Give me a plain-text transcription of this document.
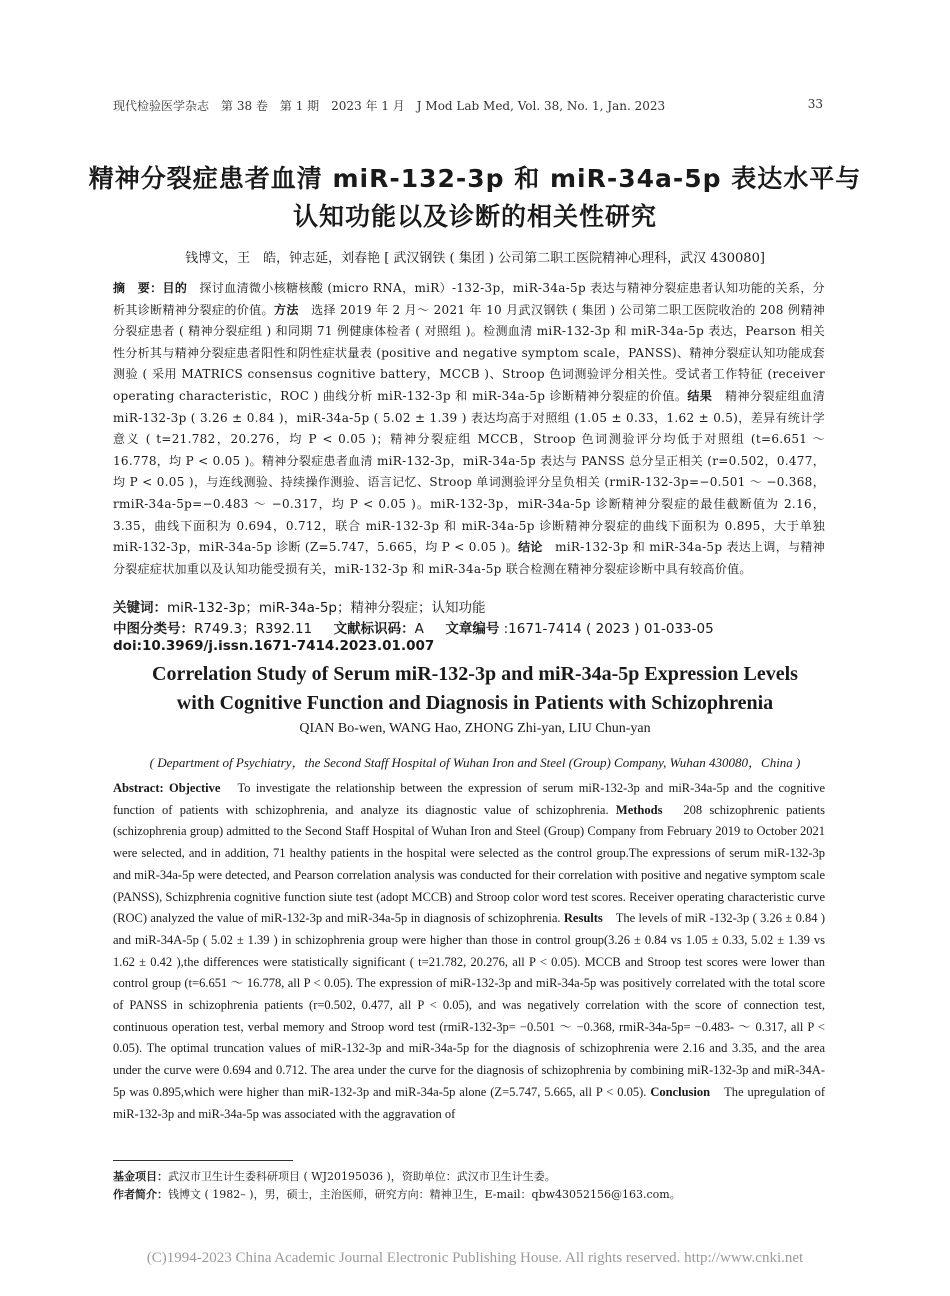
现代检验医学杂志　第 38 卷　第 1 期　2023 年 1 月　J Mod Lab Med, Vol. 38, No. 1, Jan. 2023	33
精神分裂症患者血清 miR-132-3p 和 miR-34a-5p 表达水平与
认知功能以及诊断的相关性研究
钱博文，王　皓，钟志延，刘春艳 [ 武汉钢铁 ( 集团 ) 公司第二职工医院精神心理科，武汉 430080]
摘　要：目的　探讨血清微小核糖核酸 (micro RNA，miR）-132-3p，miR-34a-5p 表达与精神分裂症患者认知功能的关系，分析其诊断精神分裂症的价值。方法　选择 2019 年 2 月～ 2021 年 10 月武汉钢铁 ( 集团 ) 公司第二职工医院收治的 208 例精神分裂症患者 ( 精神分裂症组 ) 和同期 71 例健康体检者 ( 对照组 )。检测血清 miR-132-3p 和 miR-34a-5p 表达，Pearson 相关性分析其与精神分裂症患者阳性和阴性症状量表 (positive and negative symptom scale，PANSS)、精神分裂症认知功能成套测验 ( 采用 MATRICS consensus cognitive battery，MCCB )、Stroop 色词测验评分相关性。受试者工作特征 (receiver operating characteristic，ROC ) 曲线分析 miR-132-3p 和 miR-34a-5p 诊断精神分裂症的价值。结果　精神分裂症组血清 miR-132-3p ( 3.26 ± 0.84 )，miR-34a-5p ( 5.02 ± 1.39 ) 表达均高于对照组 (1.05 ± 0.33，1.62 ± 0.5)，差异有统计学意义 ( t=21.782，20.276，均 P < 0.05 )；精神分裂症组 MCCB，Stroop 色词测验评分均低于对照组 (t=6.651 ～ 16.778，均 P < 0.05 )。精神分裂症患者血清 miR-132-3p，miR-34a-5p 表达与 PANSS 总分呈正相关 (r=0.502，0.477，均 P < 0.05 )，与连线测验、持续操作测验、语言记忆、Stroop 单词测验评分呈负相关 (rmiR-132-3p=−0.501 ～ −0.368，rmiR-34a-5p=−0.483 ～ −0.317，均 P < 0.05 )。miR-132-3p，miR-34a-5p 诊断精神分裂症的最佳截断值为 2.16，3.35，曲线下面积为 0.694，0.712，联合 miR-132-3p 和 miR-34a-5p 诊断精神分裂症的曲线下面积为 0.895，大于单独 miR-132-3p，miR-34a-5p 诊断 (Z=5.747，5.665，均 P < 0.05 )。结论　miR-132-3p 和 miR-34a-5p 表达上调，与精神分裂症症状加重以及认知功能受损有关，miR-132-3p 和 miR-34a-5p 联合检测在精神分裂症诊断中具有较高价值。
关键词：miR-132-3p；miR-34a-5p；精神分裂症；认知功能
中图分类号：R749.3；R392.11 文献标识码：A 文章编号 :1671-7414 ( 2023 ) 01-033-05
doi:10.3969/j.issn.1671-7414.2023.01.007
Correlation Study of Serum miR-132-3p and miR-34a-5p Expression Levels
with Cognitive Function and Diagnosis in Patients with Schizophrenia
QIAN Bo-wen, WANG Hao, ZHONG Zhi-yan, LIU Chun-yan
( Department of Psychiatry，the Second Staff Hospital of Wuhan Iron and Steel (Group) Company, Wuhan 430080，China )
Abstract: Objective　To investigate the relationship between the expression of serum miR-132-3p and miR-34a-5p and the cognitive function of patients with schizophrenia, and analyze its diagnostic value of schizophrenia. Methods　208 schizophrenic patients (schizophrenia group) admitted to the Second Staff Hospital of Wuhan Iron and Steel (Group) Company from February 2019 to October 2021 were selected, and in addition, 71 healthy patients in the hospital were selected as the control group.The expressions of serum miR-132-3p and miR-34a-5p were detected, and Pearson correlation analysis was conducted for their correlation with positive and negative symptom scale (PANSS), Schizphrenia cognitive function siute test (adopt MCCB) and Stroop color word test scores. Receiver operating characteristic curve (ROC) analyzed the value of miR-132-3p and miR-34a-5p in diagnosis of schizophrenia. Results　The levels of miR -132-3p ( 3.26 ± 0.84 ) and miR-34A-5p ( 5.02 ± 1.39 ) in schizophrenia group were higher than those in control group(3.26 ± 0.84 vs 1.05 ± 0.33, 5.02 ± 1.39 vs 1.62 ± 0.42 ),the differences were statistically significant ( t=21.782, 20.276, all P < 0.05). MCCB and Stroop test scores were lower than control group (t=6.651 ～ 16.778, all P < 0.05). The expression of miR-132-3p and miR-34a-5p was positively correlated with the total score of PANSS in schizophrenia patients (r=0.502, 0.477, all P < 0.05), and was negatively correlation with the score of connection test, continuous operation test, verbal memory and Stroop word test (rmiR-132-3p= −0.501 ～ −0.368, rmiR-34a-5p= −0.483- ～ 0.317, all P < 0.05). The optimal truncation values of miR-132-3p and miR-34a-5p for the diagnosis of schizophrenia were 2.16 and 3.35, and the area under the curve were 0.694 and 0.712. The area under the curve for the diagnosis of schizophrenia by combining miR-132-3p and miR-34A-5p was 0.895,which were higher than miR-132-3p and miR-34a-5p alone (Z=5.747, 5.665, all P < 0.05). Conclusion　The upregulation of miR-132-3p and miR-34a-5p was associated with the aggravation of
基金项目：武汉市卫生计生委科研项目 ( WJ20195036 )，资助单位：武汉市卫生计生委。
作者简介：钱博文 ( 1982– )，男，硕士，主治医师，研究方向：精神卫生，E-mail：qbw43052156@163.com。
(C)1994-2023 China Academic Journal Electronic Publishing House. All rights reserved. http://www.cnki.net
